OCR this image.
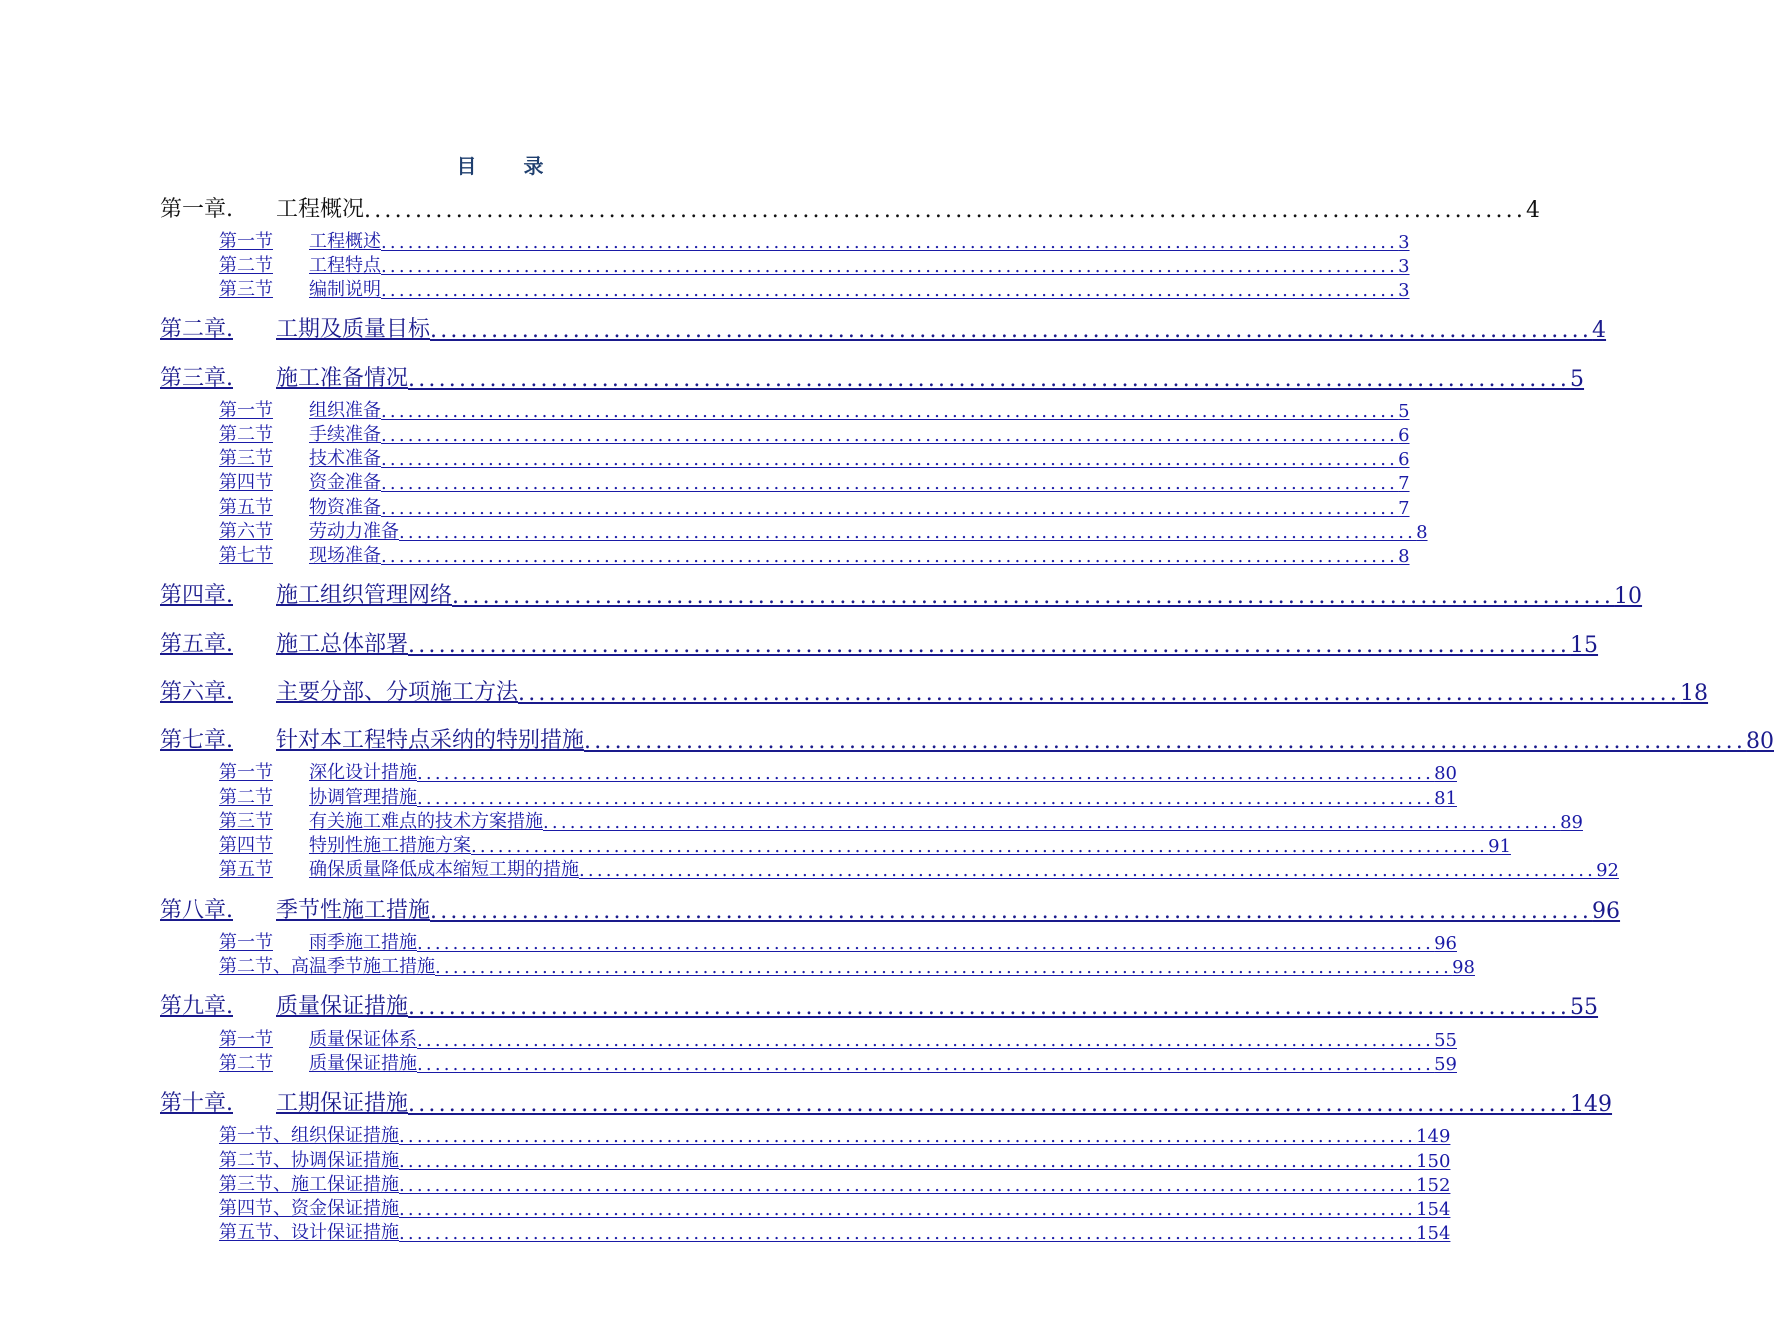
目 录
第一章.	工程概况 .................................................................................................................. 4
第一节	工程概述 .................................................................................................................. 3
第二节	工程特点 .................................................................................................................. 3
第三节	编制说明 .................................................................................................................. 3
第二章.	工期及质量目标 .................................................................................................................. 4
第三章.	施工准备情况 .................................................................................................................. 5
第一节	组织准备 .................................................................................................................. 5
第二节	手续准备 .................................................................................................................. 6
第三节	技术准备 .................................................................................................................. 6
第四节	资金准备 .................................................................................................................. 7
第五节	物资准备 .................................................................................................................. 7
第六节	劳动力准备 .................................................................................................................. 8
第七节	现场准备 .................................................................................................................. 8
第四章.	施工组织管理网络 .................................................................................................................. 10
第五章.	施工总体部署 .................................................................................................................. 15
第六章.	主要分部、分项施工方法 .................................................................................................................. 18
第七章.	针对本工程特点采纳的特别措施 .................................................................................................................. 80
第一节	深化设计措施 .................................................................................................................. 80
第二节	协调管理措施 .................................................................................................................. 81
第三节	有关施工难点的技术方案措施 .................................................................................................................. 89
第四节	特别性施工措施方案 .................................................................................................................. 91
第五节	确保质量降低成本缩短工期的措施 .................................................................................................................. 92
第八章.	季节性施工措施 .................................................................................................................. 96
第一节	雨季施工措施 .................................................................................................................. 96
第二节、 高温季节施工措施 .................................................................................................................. 98
第九章.	质量保证措施 .................................................................................................................. 55
第一节	质量保证体系 .................................................................................................................. 55
第二节	质量保证措施 .................................................................................................................. 59
第十章.	工期保证措施 .................................................................................................................. 149
第一节、 组织保证措施 .................................................................................................................. 149
第二节、 协调保证措施 .................................................................................................................. 150
第三节、 施工保证措施 .................................................................................................................. 152
第四节、 资金保证措施 .................................................................................................................. 154
第五节、 设计保证措施 .................................................................................................................. 154
